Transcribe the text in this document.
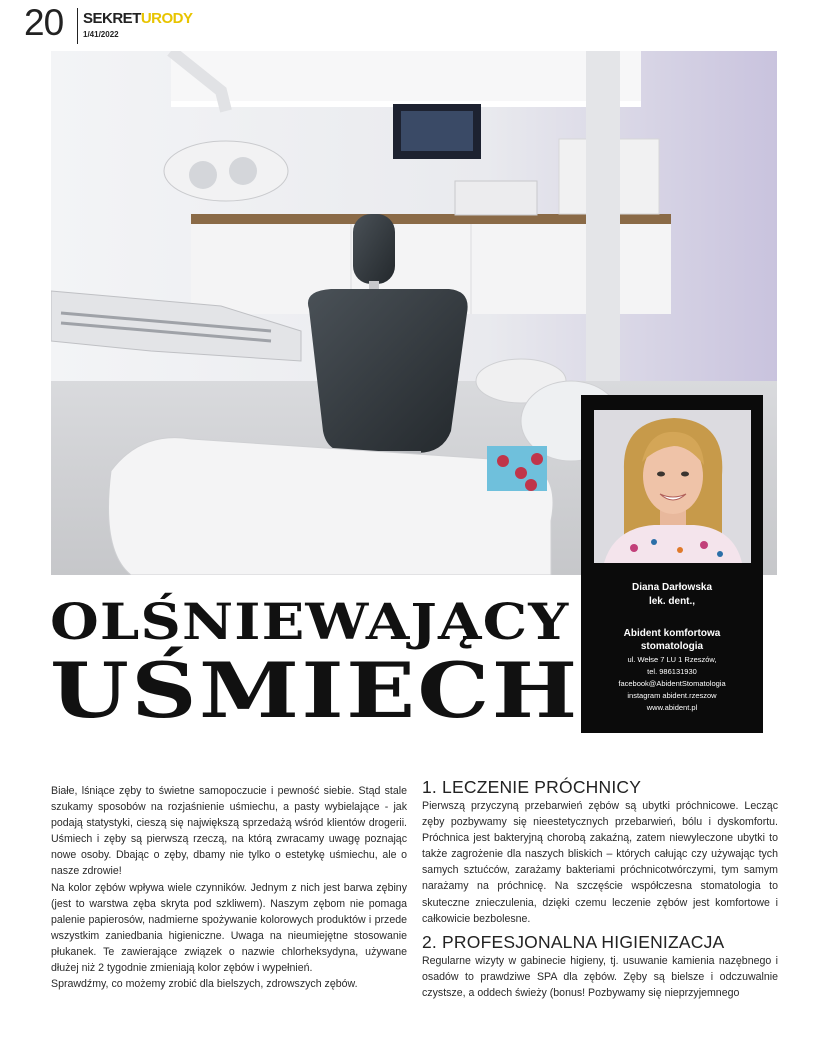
20 SEKRETURODY
1/41/2022
Diana Darłowska
lek. dent.,
Abident komfortowa
stomatologia
ul. Wełse 7 LU 1 Rzeszów,
tel. 986131930
facebook@AbidentStomatologia
instagram abident.rzeszow
www.abident.pl
OLŚNIEWAJĄCY
UŚMIECH

Białe, lśniące zęby to świetne samopoczucie i pewność siebie. Stąd stale szukamy sposobów na rozjaśnienie uśmiechu, a pasty wybielające - jak podają statystyki, cieszą się największą sprzedażą wśród klientów drogerii. Uśmiech i zęby są pierwszą rzeczą, na którą zwracamy uwagę poznając nowe osoby. Dbając o zęby, dbamy nie tylko o estetykę uśmiechu, ale o nasze zdrowie!

Na kolor zębów wpływa wiele czynników. Jednym z nich jest barwa zębiny (jest to warstwa zęba skryta pod szkliwem). Naszym zębom nie pomaga palenie papierosów, nadmierne spożywanie kolorowych produktów i przede wszystkim zaniedbania higieniczne. Uwaga na nieumiejętne stosowanie płukanek. Te zawierające związek o nazwie chlorheksydyna, używane dłużej niż 2 tygodnie zmieniają kolor zębów i wypełnień.

Sprawdźmy, co możemy zrobić dla bielszych, zdrowszych zębów.

1. LECZENIE PRÓCHNICY

Pierwszą przyczyną przebarwień zębów są ubytki próchnicowe. Lecząc zęby pozbywamy się nieestetycznych przebarwień, bólu i dyskomfortu. Próchnica jest bakteryjną chorobą zakaźną, zatem niewyleczone ubytki to także zagrożenie dla naszych bliskich – których całując czy używając tych samych sztućców, zarażamy bakteriami próchnicotwórczymi, tym samym narażamy na próchnicę. Na szczęście współczesna stomatologia to skuteczne znieczulenia, dzięki czemu leczenie zębów jest komfortowe i całkowicie bezbolesne.

2. PROFESJONALNA HIGIENIZACJA

Regularne wizyty w gabinecie higieny, tj. usuwanie kamienia nazębnego i osadów to prawdziwe SPA dla zębów. Zęby są bielsze i odczuwalnie czystsze, a oddech świeży (bonus! Pozbywamy się nieprzyjemnego
